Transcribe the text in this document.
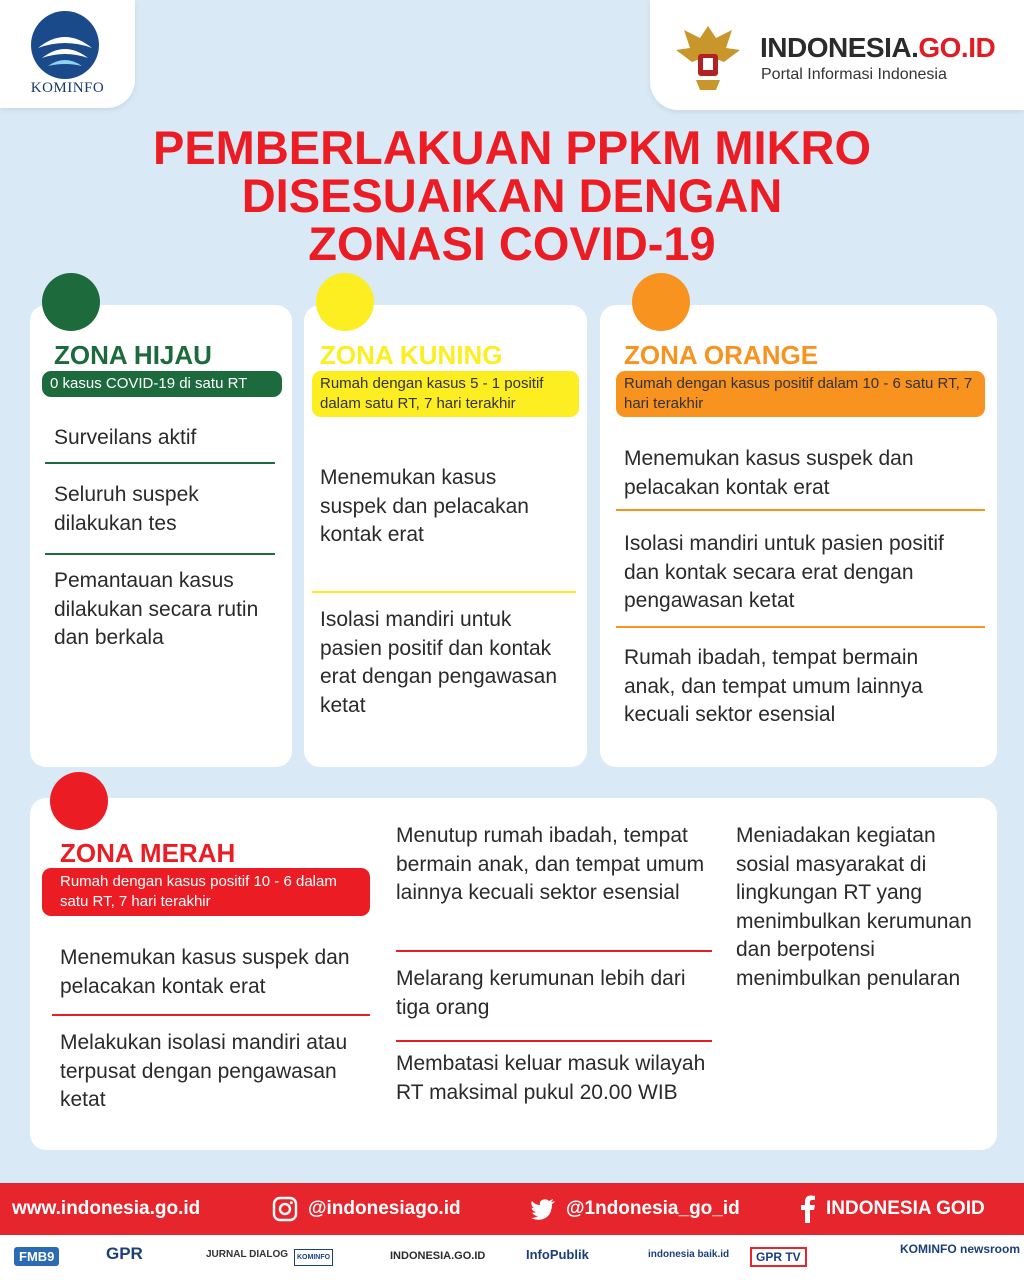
KOMINFO
INDONESIA.GO.ID
Portal Informasi Indonesia
PEMBERLAKUAN PPKM MIKRO
DISESUAIKAN DENGAN
ZONASI COVID-19
ZONA HIJAU
0 kasus COVID-19 di satu RT
Surveilans aktif
Seluruh suspek dilakukan tes
Pemantauan kasus dilakukan secara rutin dan berkala
ZONA KUNING
Rumah dengan kasus 5 - 1 positif dalam satu RT, 7 hari terakhir
Menemukan kasus suspek dan pelacakan kontak erat
Isolasi mandiri untuk pasien positif dan kontak erat dengan pengawasan ketat
ZONA ORANGE
Rumah dengan kasus positif dalam 10 - 6 satu RT, 7 hari terakhir
Menemukan kasus suspek dan pelacakan kontak erat
Isolasi mandiri untuk pasien positif dan kontak secara erat dengan pengawasan ketat
Rumah ibadah, tempat bermain anak, dan tempat umum lainnya kecuali sektor esensial
ZONA MERAH
Rumah dengan kasus positif 10 - 6 dalam satu RT, 7 hari terakhir
Menemukan kasus suspek dan pelacakan kontak erat
Melakukan isolasi mandiri atau terpusat dengan pengawasan ketat
Menutup rumah ibadah, tempat bermain anak, dan tempat umum lainnya kecuali sektor esensial
Melarang kerumunan lebih dari tiga orang
Membatasi keluar masuk wilayah RT maksimal pukul 20.00 WIB
Meniadakan kegiatan sosial masyarakat di lingkungan RT yang menimbulkan kerumunan dan berpotensi menimbulkan penularan
www.indonesia.go.id	@indonesiago.id	@1ndonesia_go_id	INDONESIA GOID
FMB9	GPR	JURNAL DIALOG	KOMINFO	INDONESIA.GO.ID	InfoPublik	indonesia baik.id	GPR TV
KOMINFO newsroom
